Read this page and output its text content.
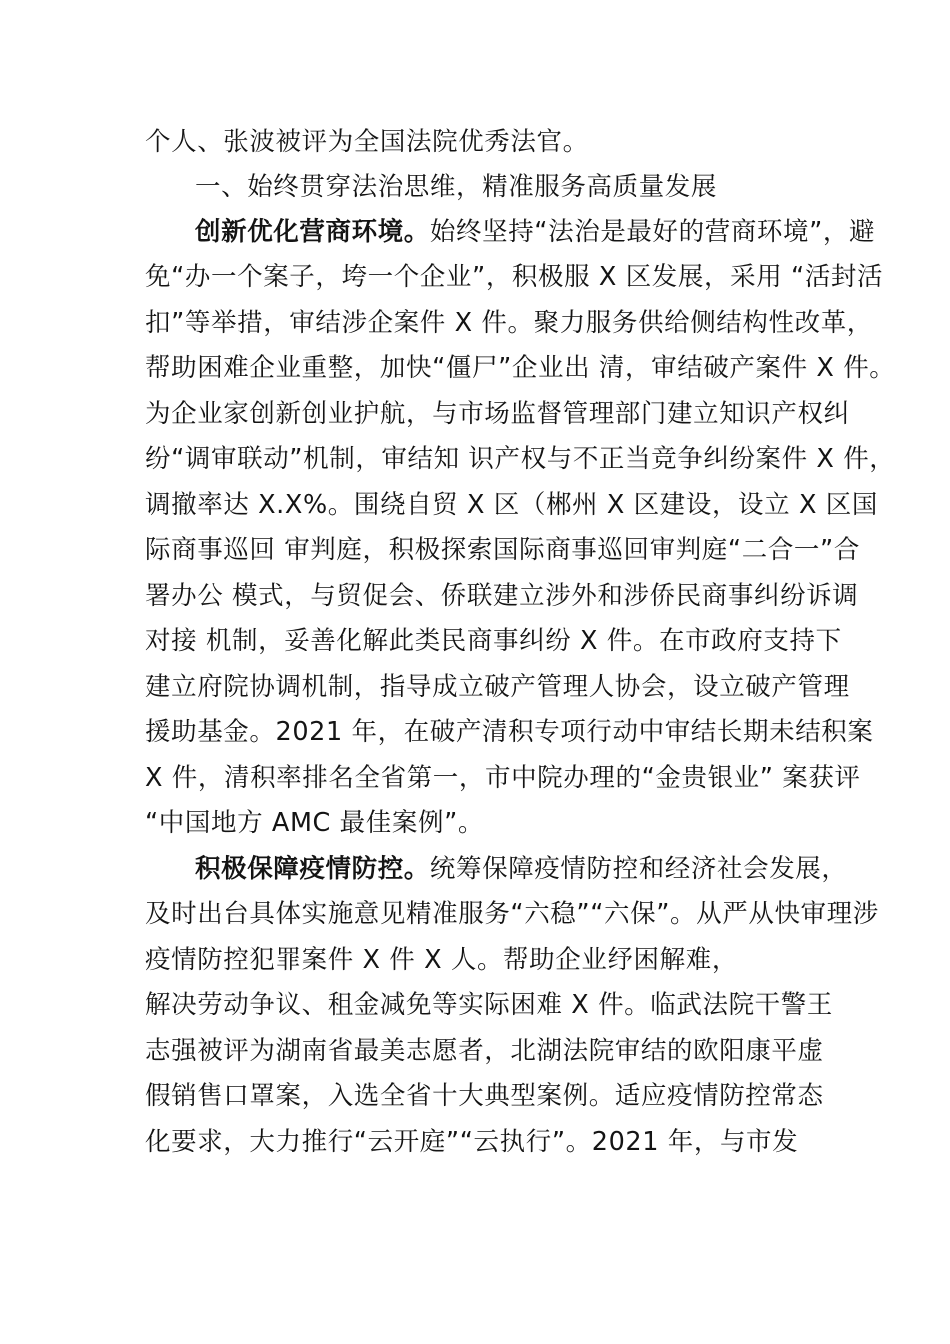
个人、张波被评为全国法院优秀法官。
一、始终贯穿法治思维，精准服务高质量发展
创新优化营商环境。始终坚持“法治是最好的营商环境”，避
免“办一个案子，垮一个企业”，积极服 X 区发展，采用 “活封活
扣”等举措，审结涉企案件 X 件。聚力服务供给侧结构性改革，
帮助困难企业重整，加快“僵尸”企业出 清，审结破产案件 X 件。
为企业家创新创业护航，与市场监督管理部门建立知识产权纠
纷“调审联动”机制，审结知 识产权与不正当竞争纠纷案件 X 件，
调撤率达 X.X%。围绕自贸 X 区（郴州 X 区建设，设立 X 区国
际商事巡回 审判庭，积极探索国际商事巡回审判庭“二合一”合
署办公 模式，与贸促会、侨联建立涉外和涉侨民商事纠纷诉调
对接 机制，妥善化解此类民商事纠纷 X 件。在市政府支持下
建立府院协调机制，指导成立破产管理人协会，设立破产管理
援助基金。2021 年，在破产清积专项行动中审结长期未结积案
X 件，清积率排名全省第一，市中院办理的“金贵银业” 案获评
“中国地方 AMC 最佳案例”。
积极保障疫情防控。统筹保障疫情防控和经济社会发展，
及时出台具体实施意见精准服务“六稳”“六保”。从严从快审理涉
疫情防控犯罪案件 X 件 X 人。帮助企业纾困解难，
解决劳动争议、租金减免等实际困难 X 件。临武法院干警王
志强被评为湖南省最美志愿者，北湖法院审结的欧阳康平虚
假销售口罩案，入选全省十大典型案例。适应疫情防控常态
化要求，大力推行“云开庭”“云执行”。2021 年，与市发
